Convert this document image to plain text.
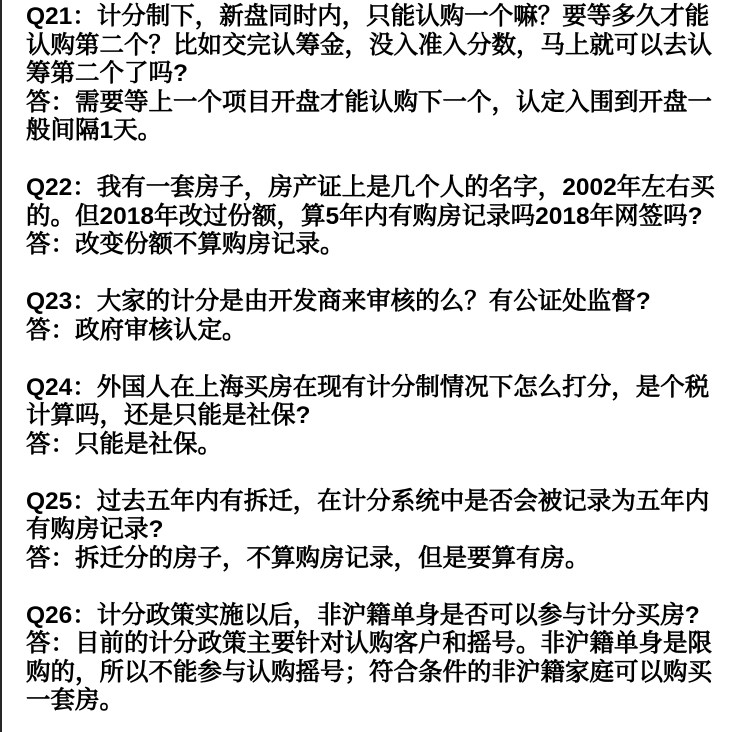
Q21：计分制下，新盘同时内，只能认购一个嘛？要等多久才能认购第二个？比如交完认筹金，没入准入分数，马上就可以去认筹第二个了吗?

答：需要等上一个项目开盘才能认购下一个，认定入围到开盘一般间隔1天。

Q22：我有一套房子，房产证上是几个人的名字，2002年左右买的。但2018年改过份额，算5年内有购房记录吗2018年网签吗?

答：改变份额不算购房记录。

Q23：大家的计分是由开发商来审核的么？有公证处监督?

答：政府审核认定。

Q24：外国人在上海买房在现有计分制情况下怎么打分，是个税计算吗，还是只能是社保?

答：只能是社保。

Q25：过去五年内有拆迁，在计分系统中是否会被记录为五年内有购房记录?

答：拆迁分的房子，不算购房记录，但是要算有房。

Q26：计分政策实施以后，非沪籍单身是否可以参与计分买房?

答：目前的计分政策主要针对认购客户和摇号。非沪籍单身是限购的，所以不能参与认购摇号；符合条件的非沪籍家庭可以购买一套房。
